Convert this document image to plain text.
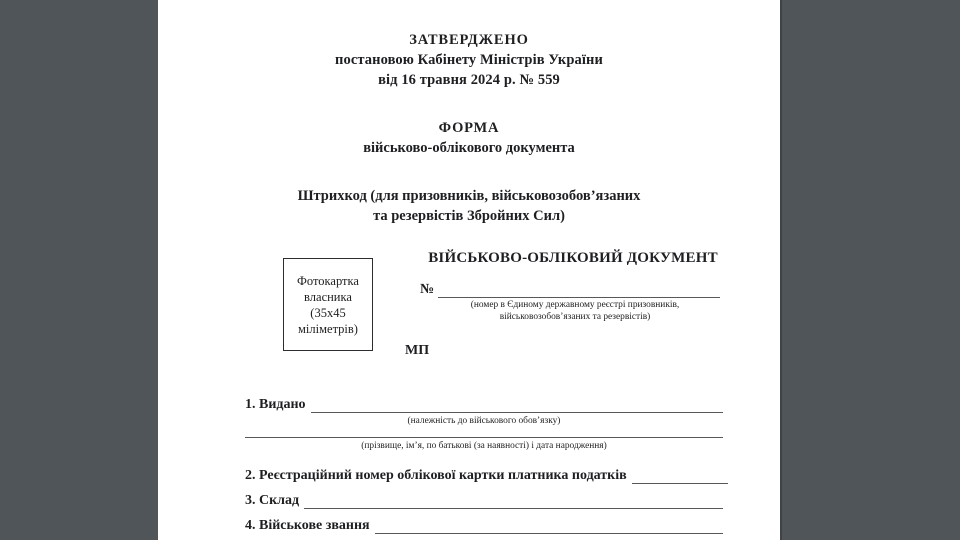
ЗАТВЕРДЖЕНО
постановою Кабінету Міністрів України
від 16 травня 2024 р. № 559
ФОРМА
військово-облікового документа
Штрихкод (для призовників, військовозобов’язаних
та резервістів Збройних Сил)
Фотокартка
власника
(35x45
міліметрів)
ВІЙСЬКОВО-ОБЛІКОВИЙ ДОКУМЕНТ
№
(номер в Єдиному державному реєстрі призовників,
військовозобов’язаних та резервістів)
МП
1. Видано
(належність до військового обов’язку)
(прізвище, ім’я, по батькові (за наявності) і дата народження)
2. Реєстраційний номер облікової картки платника податків
3. Склад
4. Військове звання
